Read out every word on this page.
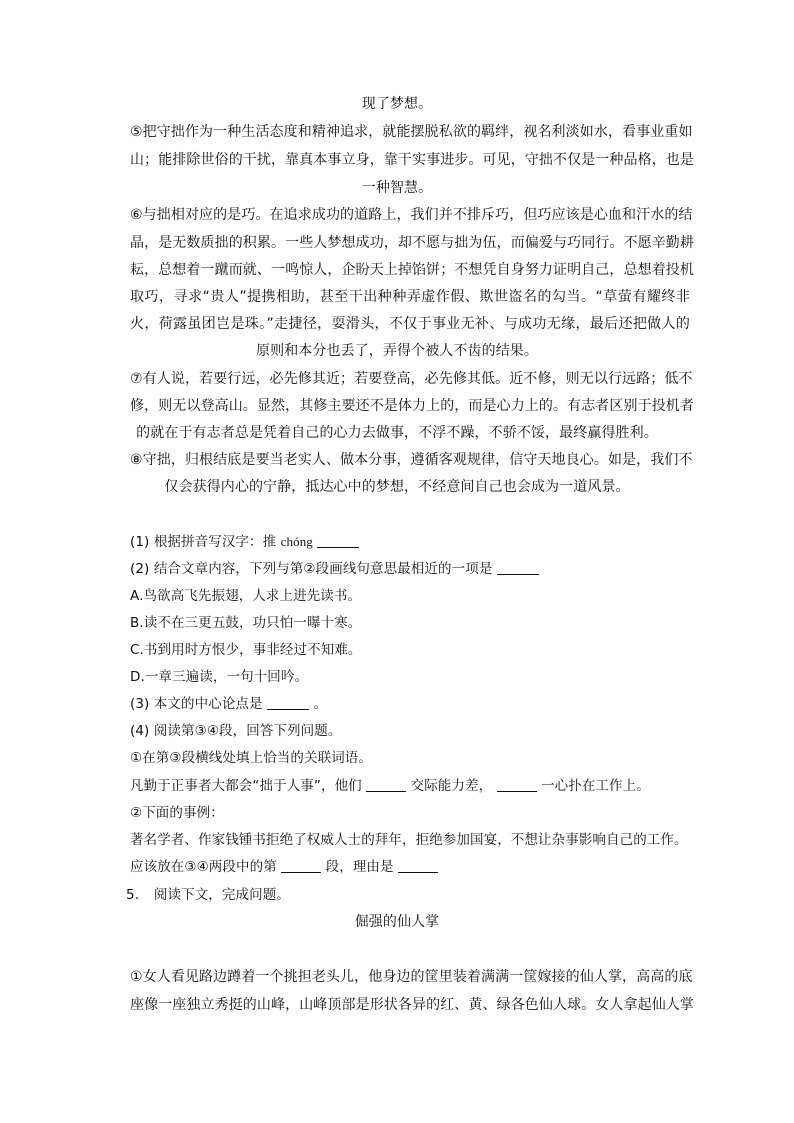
现了梦想。
⑤把守拙作为一种生活态度和精神追求，就能摆脱私欲的羁绊，视名利淡如水，看事业重如
山；能排除世俗的干扰，靠真本事立身，靠干实事进步。可见，守拙不仅是一种品格，也是
一种智慧。
⑥与拙相对应的是巧。在追求成功的道路上，我们并不排斥巧，但巧应该是心血和汗水的结
晶，是无数质拙的积累。一些人梦想成功，却不愿与拙为伍，而偏爱与巧同行。不愿辛勤耕
耘，总想着一蹴而就、一鸣惊人，企盼天上掉馅饼；不想凭自身努力证明自己，总想着投机
取巧，寻求“贵人”提携相助，甚至干出种种弄虚作假、欺世盗名的勾当。“草萤有耀终非
火，荷露虽团岂是珠。”走捷径，耍滑头，不仅于事业无补、与成功无缘，最后还把做人的
原则和本分也丢了，弄得个被人不齿的结果。
⑦有人说，若要行远，必先修其近；若要登高，必先修其低。近不修，则无以行远路；低不
修，则无以登高山。显然，其修主要还不是体力上的，而是心力上的。有志者区别于投机者
的就在于有志者总是凭着自己的心力去做事，不浮不躁，不骄不馁，最终赢得胜利。
⑧守拙，归根结底是要当老实人、做本分事，遵循客观规律，信守天地良心。如是，我们不
仅会获得内心的宁静，抵达心中的梦想，不经意间自己也会成为一道风景。
(1) 根据拼音写汉字：推 chóng
(2) 结合文章内容，下列与第②段画线句意思最相近的一项是
A.鸟欲高飞先振翅，人求上进先读书。
B.读不在三更五鼓，功只怕一曝十寒。
C.书到用时方恨少，事非经过不知难。
D.一章三遍读，一句十回吟。
(3) 本文的中心论点是	。
(4) 阅读第③④段，回答下列问题。
①在第③段横线处填上恰当的关联词语。
凡勤于正事者大都会“拙于人事”，他们	交际能力差，	一心扑在工作上。
②下面的事例：
著名学者、作家钱锺书拒绝了权威人士的拜年，拒绝参加国宴，不想让杂事影响自己的工作。
应该放在③④两段中的第	段，理由是
5. 阅读下文，完成问题。
倔强的仙人掌
①女人看见路边蹲着一个挑担老头儿，他身边的筐里装着满满一筐嫁接的仙人掌，高高的底
座像一座独立秀挺的山峰，山峰顶部是形状各异的红、黄、绿各色仙人球。女人拿起仙人掌
